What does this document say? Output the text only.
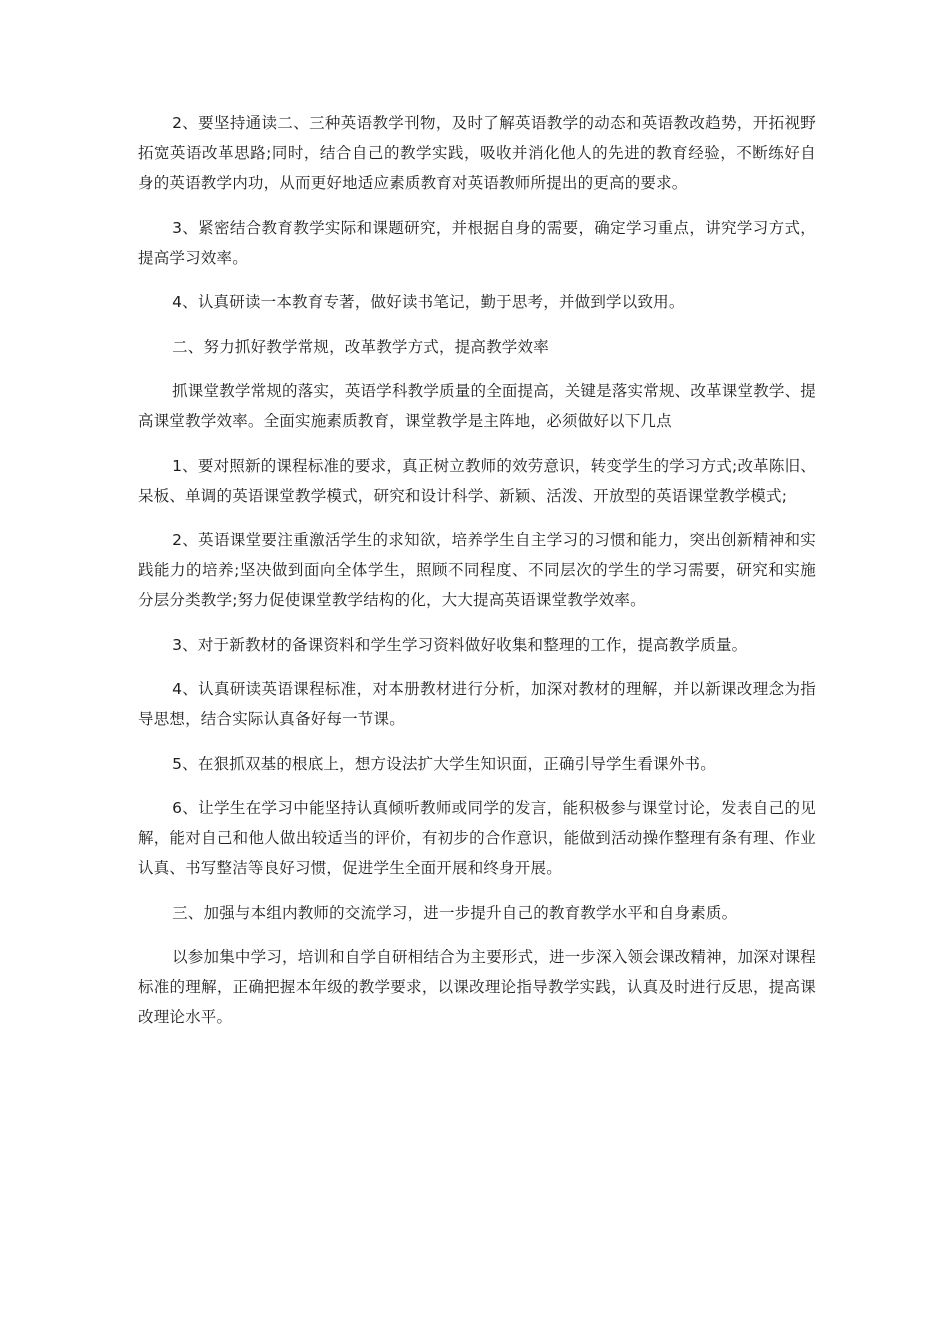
2、要坚持通读二、三种英语教学刊物，及时了解英语教学的动态和英语教改趋势，开拓视野拓宽英语改革思路;同时，结合自己的教学实践，吸收并消化他人的先进的教育经验，不断练好自身的英语教学内功，从而更好地适应素质教育对英语教师所提出的更高的要求。

3、紧密结合教育教学实际和课题研究，并根据自身的需要，确定学习重点，讲究学习方式，提高学习效率。

4、认真研读一本教育专著，做好读书笔记，勤于思考，并做到学以致用。

二、努力抓好教学常规，改革教学方式，提高教学效率

抓课堂教学常规的落实，英语学科教学质量的全面提高，关键是落实常规、改革课堂教学、提高课堂教学效率。全面实施素质教育，课堂教学是主阵地，必须做好以下几点

1、要对照新的课程标准的要求，真正树立教师的效劳意识，转变学生的学习方式;改革陈旧、呆板、单调的英语课堂教学模式，研究和设计科学、新颖、活泼、开放型的英语课堂教学模式;

2、英语课堂要注重激活学生的求知欲，培养学生自主学习的习惯和能力，突出创新精神和实践能力的培养;坚决做到面向全体学生，照顾不同程度、不同层次的学生的学习需要，研究和实施分层分类教学;努力促使课堂教学结构的化，大大提高英语课堂教学效率。

3、对于新教材的备课资料和学生学习资料做好收集和整理的工作，提高教学质量。

4、认真研读英语课程标准，对本册教材进行分析，加深对教材的理解，并以新课改理念为指导思想，结合实际认真备好每一节课。

5、在狠抓双基的根底上，想方设法扩大学生知识面，正确引导学生看课外书。

6、让学生在学习中能坚持认真倾听教师或同学的发言，能积极参与课堂讨论，发表自己的见解，能对自己和他人做出较适当的评价，有初步的合作意识，能做到活动操作整理有条有理、作业认真、书写整洁等良好习惯，促进学生全面开展和终身开展。

三、加强与本组内教师的交流学习，进一步提升自己的教育教学水平和自身素质。

以参加集中学习，培训和自学自研相结合为主要形式，进一步深入领会课改精神，加深对课程标准的理解，正确把握本年级的教学要求，以课改理论指导教学实践，认真及时进行反思，提高课改理论水平。
